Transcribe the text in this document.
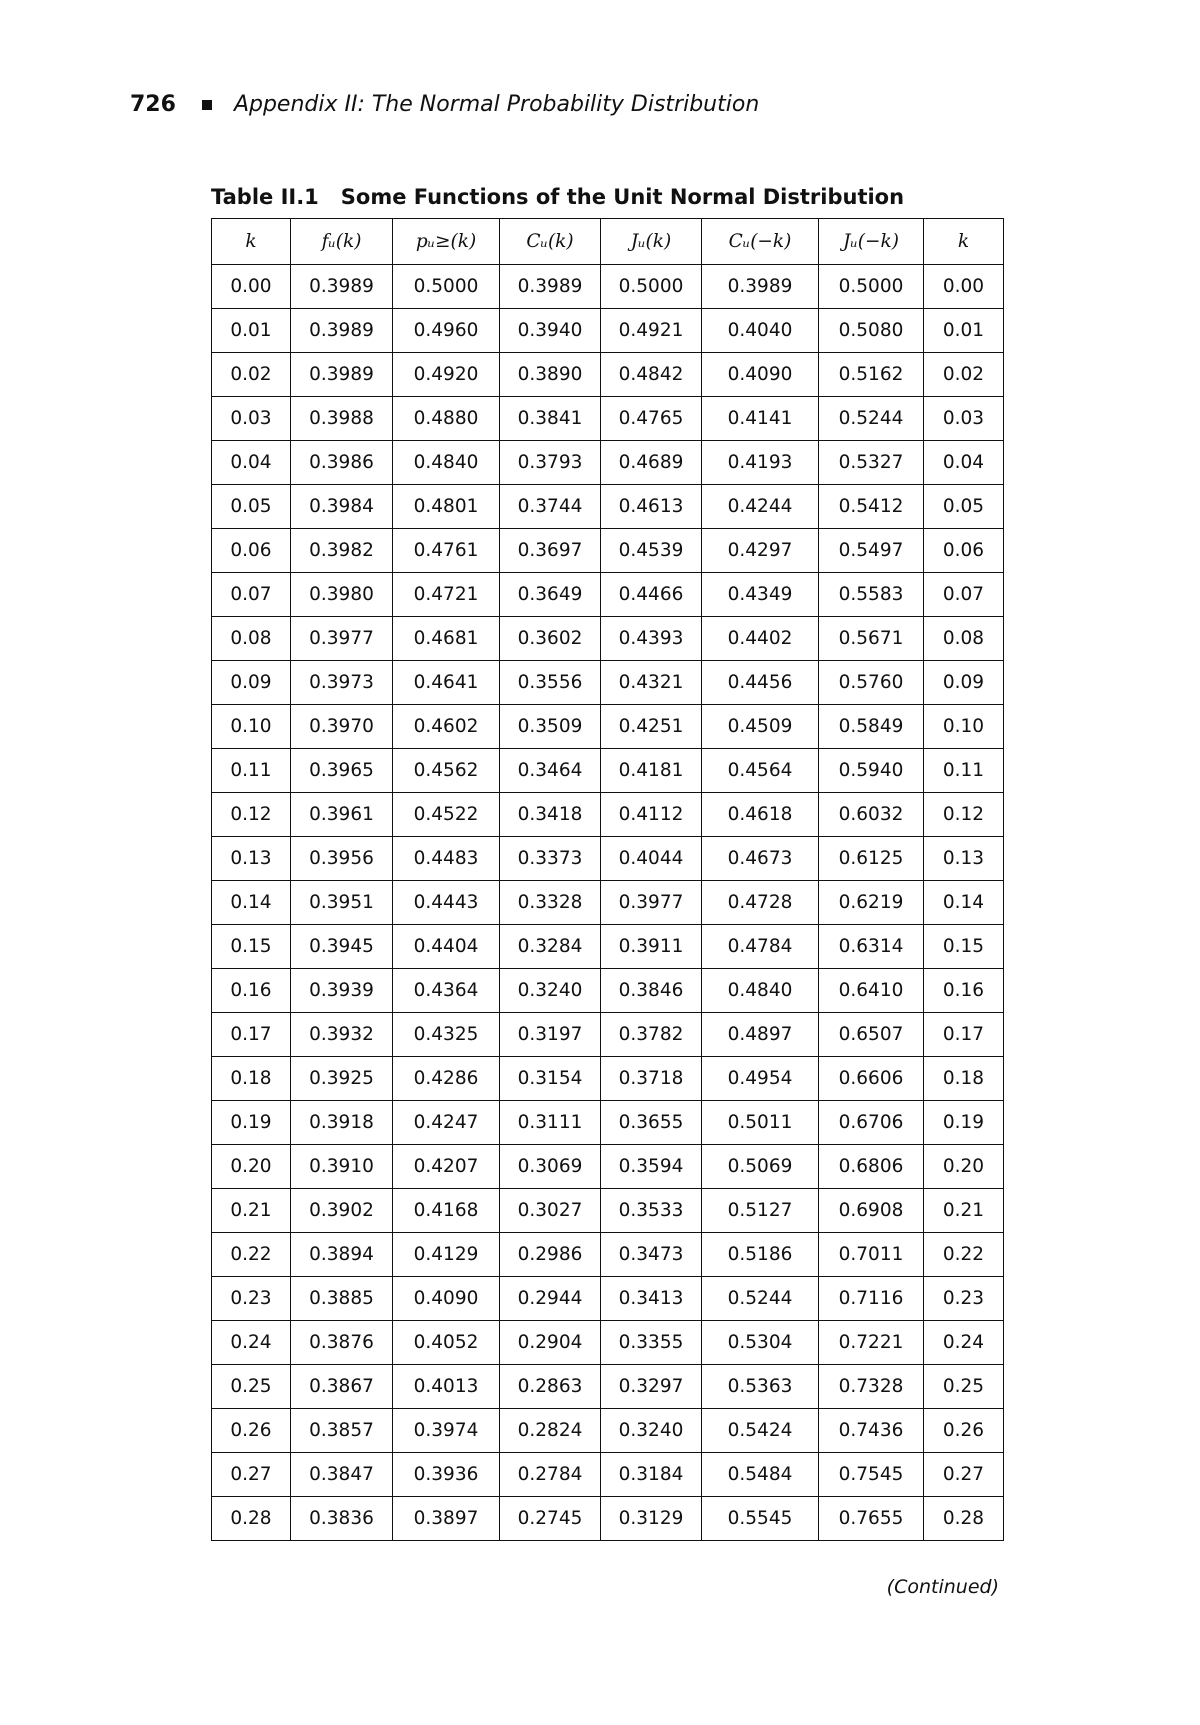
726	Appendix II: The Normal Probability Distribution
Table II.1 Some Functions of the Unit Normal Distribution
k	fᵤ(k)	pᵤ≥(k)	Cᵤ(k)	Jᵤ(k)	Cᵤ(−k)	Jᵤ(−k)	k
0.00	0.3989	0.5000	0.3989	0.5000	0.3989	0.5000	0.00
0.01	0.3989	0.4960	0.3940	0.4921	0.4040	0.5080	0.01
0.02	0.3989	0.4920	0.3890	0.4842	0.4090	0.5162	0.02
0.03	0.3988	0.4880	0.3841	0.4765	0.4141	0.5244	0.03
0.04	0.3986	0.4840	0.3793	0.4689	0.4193	0.5327	0.04
0.05	0.3984	0.4801	0.3744	0.4613	0.4244	0.5412	0.05
0.06	0.3982	0.4761	0.3697	0.4539	0.4297	0.5497	0.06
0.07	0.3980	0.4721	0.3649	0.4466	0.4349	0.5583	0.07
0.08	0.3977	0.4681	0.3602	0.4393	0.4402	0.5671	0.08
0.09	0.3973	0.4641	0.3556	0.4321	0.4456	0.5760	0.09
0.10	0.3970	0.4602	0.3509	0.4251	0.4509	0.5849	0.10
0.11	0.3965	0.4562	0.3464	0.4181	0.4564	0.5940	0.11
0.12	0.3961	0.4522	0.3418	0.4112	0.4618	0.6032	0.12
0.13	0.3956	0.4483	0.3373	0.4044	0.4673	0.6125	0.13
0.14	0.3951	0.4443	0.3328	0.3977	0.4728	0.6219	0.14
0.15	0.3945	0.4404	0.3284	0.3911	0.4784	0.6314	0.15
0.16	0.3939	0.4364	0.3240	0.3846	0.4840	0.6410	0.16
0.17	0.3932	0.4325	0.3197	0.3782	0.4897	0.6507	0.17
0.18	0.3925	0.4286	0.3154	0.3718	0.4954	0.6606	0.18
0.19	0.3918	0.4247	0.3111	0.3655	0.5011	0.6706	0.19
0.20	0.3910	0.4207	0.3069	0.3594	0.5069	0.6806	0.20
0.21	0.3902	0.4168	0.3027	0.3533	0.5127	0.6908	0.21
0.22	0.3894	0.4129	0.2986	0.3473	0.5186	0.7011	0.22
0.23	0.3885	0.4090	0.2944	0.3413	0.5244	0.7116	0.23
0.24	0.3876	0.4052	0.2904	0.3355	0.5304	0.7221	0.24
0.25	0.3867	0.4013	0.2863	0.3297	0.5363	0.7328	0.25
0.26	0.3857	0.3974	0.2824	0.3240	0.5424	0.7436	0.26
0.27	0.3847	0.3936	0.2784	0.3184	0.5484	0.7545	0.27
0.28	0.3836	0.3897	0.2745	0.3129	0.5545	0.7655	0.28
(Continued)
